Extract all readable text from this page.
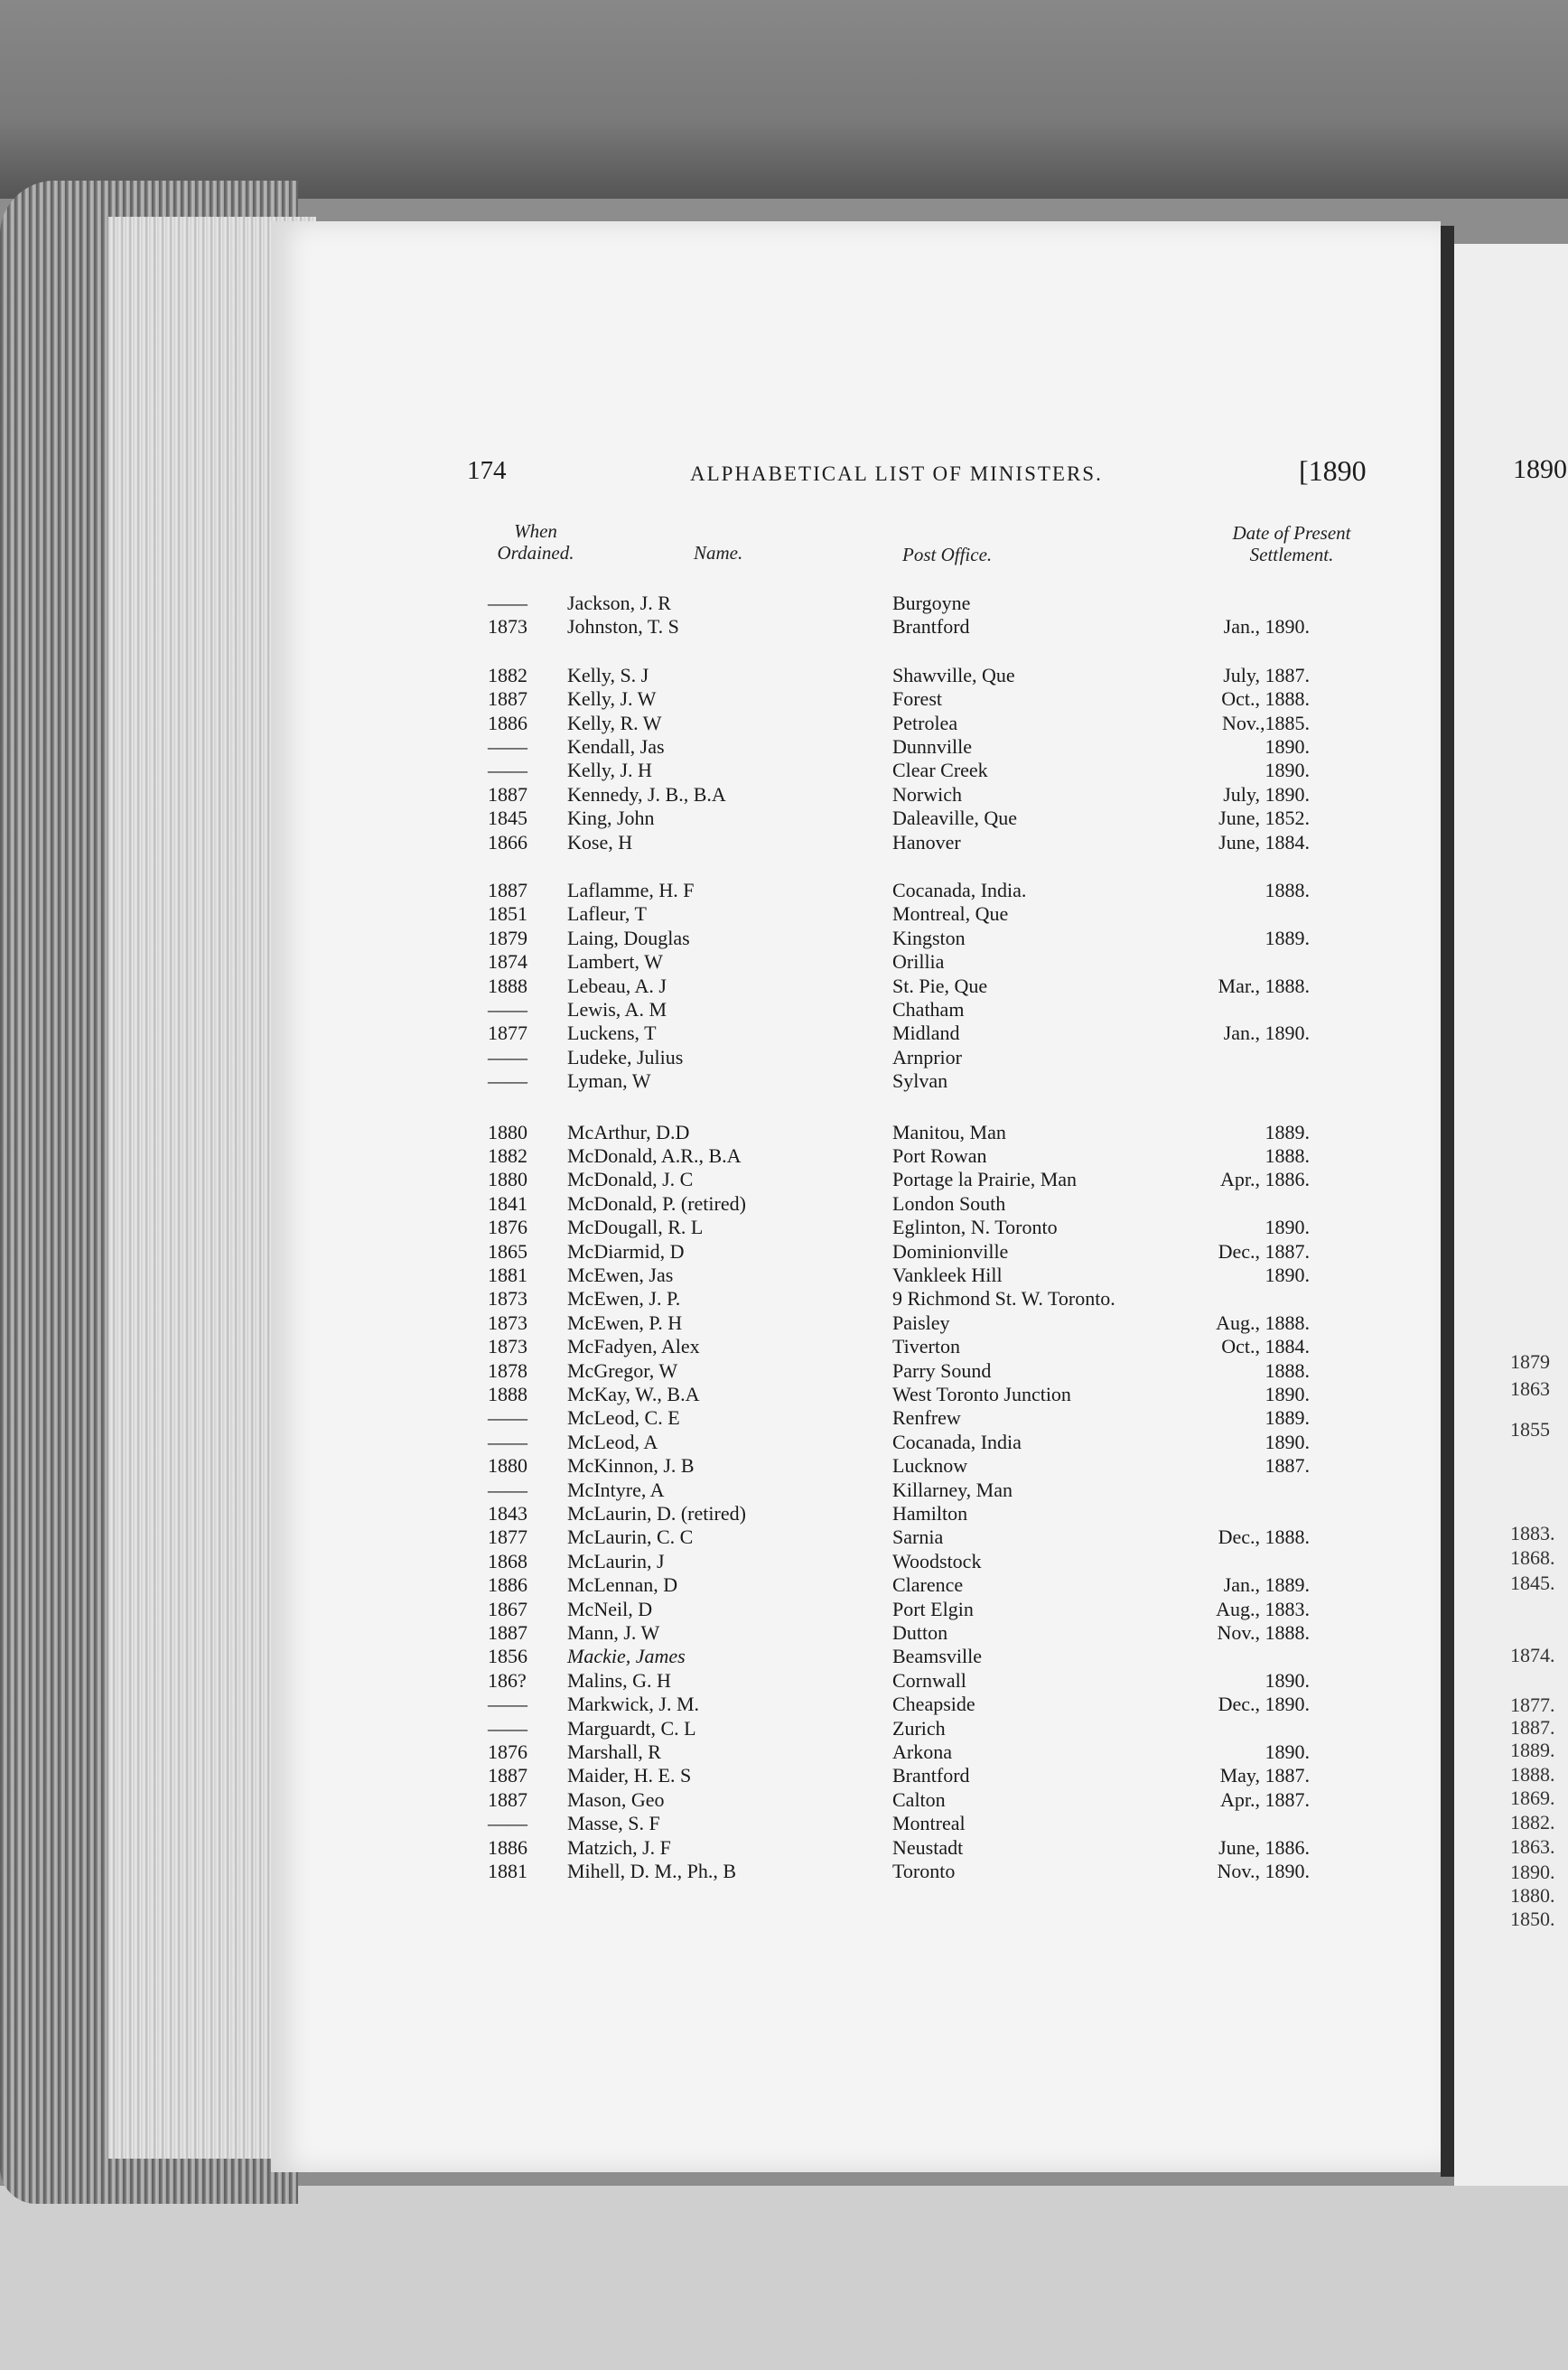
174	ALPHABETICAL LIST OF MINISTERS.	[1890	1890
When Ordained.	Name.	Post Office.
Date of Present Settlement.
——	Jackson, J. R	Burgoyne
1873	Johnston, T. S	Brantford	Jan., 1890.
1882	Kelly, S. J	Shawville, Que	July, 1887.
1887	Kelly, J. W	Forest	Oct., 1888.
1886	Kelly, R. W	Petrolea	Nov.,1885.
——	Kendall, Jas	Dunnville	1890.
——	Kelly, J. H	Clear Creek	1890.
1887	Kennedy, J. B., B.A	Norwich	July, 1890.
1845	King, John	Daleaville, Que	June, 1852.
1866	Kose, H	Hanover	June, 1884.
1887	Laflamme, H. F	Cocanada, India.	1888.
1851	Lafleur, T	Montreal, Que
1879	Laing, Douglas	Kingston	1889.
1874	Lambert, W	Orillia
1888	Lebeau, A. J	St. Pie, Que	Mar., 1888.
——	Lewis, A. M	Chatham
1877	Luckens, T	Midland	Jan., 1890.
——	Ludeke, Julius	Arnprior
——	Lyman, W	Sylvan
1880	McArthur, D.D	Manitou, Man	1889.
1882	McDonald, A.R., B.A	Port Rowan	1888.
1880	McDonald, J. C	Portage la Prairie, Man	Apr., 1886.
1841	McDonald, P. (retired)	London South
1876	McDougall, R. L	Eglinton, N. Toronto	1890.
1865	McDiarmid, D	Dominionville	Dec., 1887.
1881	McEwen, Jas	Vankleek Hill	1890.
1873	McEwen, J. P.	9 Richmond St. W. Toronto.
1873	McEwen, P. H	Paisley	Aug., 1888.
1873	McFadyen, Alex	Tiverton	Oct., 1884.
1878	McGregor, W	Parry Sound	1888.
1888	McKay, W., B.A	West Toronto Junction	1890.
——	McLeod, C. E	Renfrew	1889.
——	McLeod, A	Cocanada, India	1890.
1880	McKinnon, J. B	Lucknow	1887.
——	McIntyre, A	Killarney, Man
1843	McLaurin, D. (retired)	Hamilton
1877	McLaurin, C. C	Sarnia	Dec., 1888.
1868	McLaurin, J	Woodstock
1886	McLennan, D	Clarence	Jan., 1889.
1867	McNeil, D	Port Elgin	Aug., 1883.
1887	Mann, J. W	Dutton	Nov., 1888.
1856	Mackie, James	Beamsville
186?	Malins, G. H	Cornwall	1890.
——	Markwick, J. M.	Cheapside	Dec., 1890.
——	Marguardt, C. L	Zurich
1876	Marshall, R	Arkona	1890.
1887	Maider, H. E. S	Brantford	May, 1887.
1887	Mason, Geo	Calton	Apr., 1887.
——	Masse, S. F	Montreal
1886	Matzich, J. F	Neustadt	June, 1886.
1881	Mihell, D. M., Ph., B	Toronto	Nov., 1890.
1879
1863
1855
1883.
1868.
1845.
1874.
1877.
1887.
1889.
1888.
1869.
1882.
1863.
1890.
1880.
1850.
